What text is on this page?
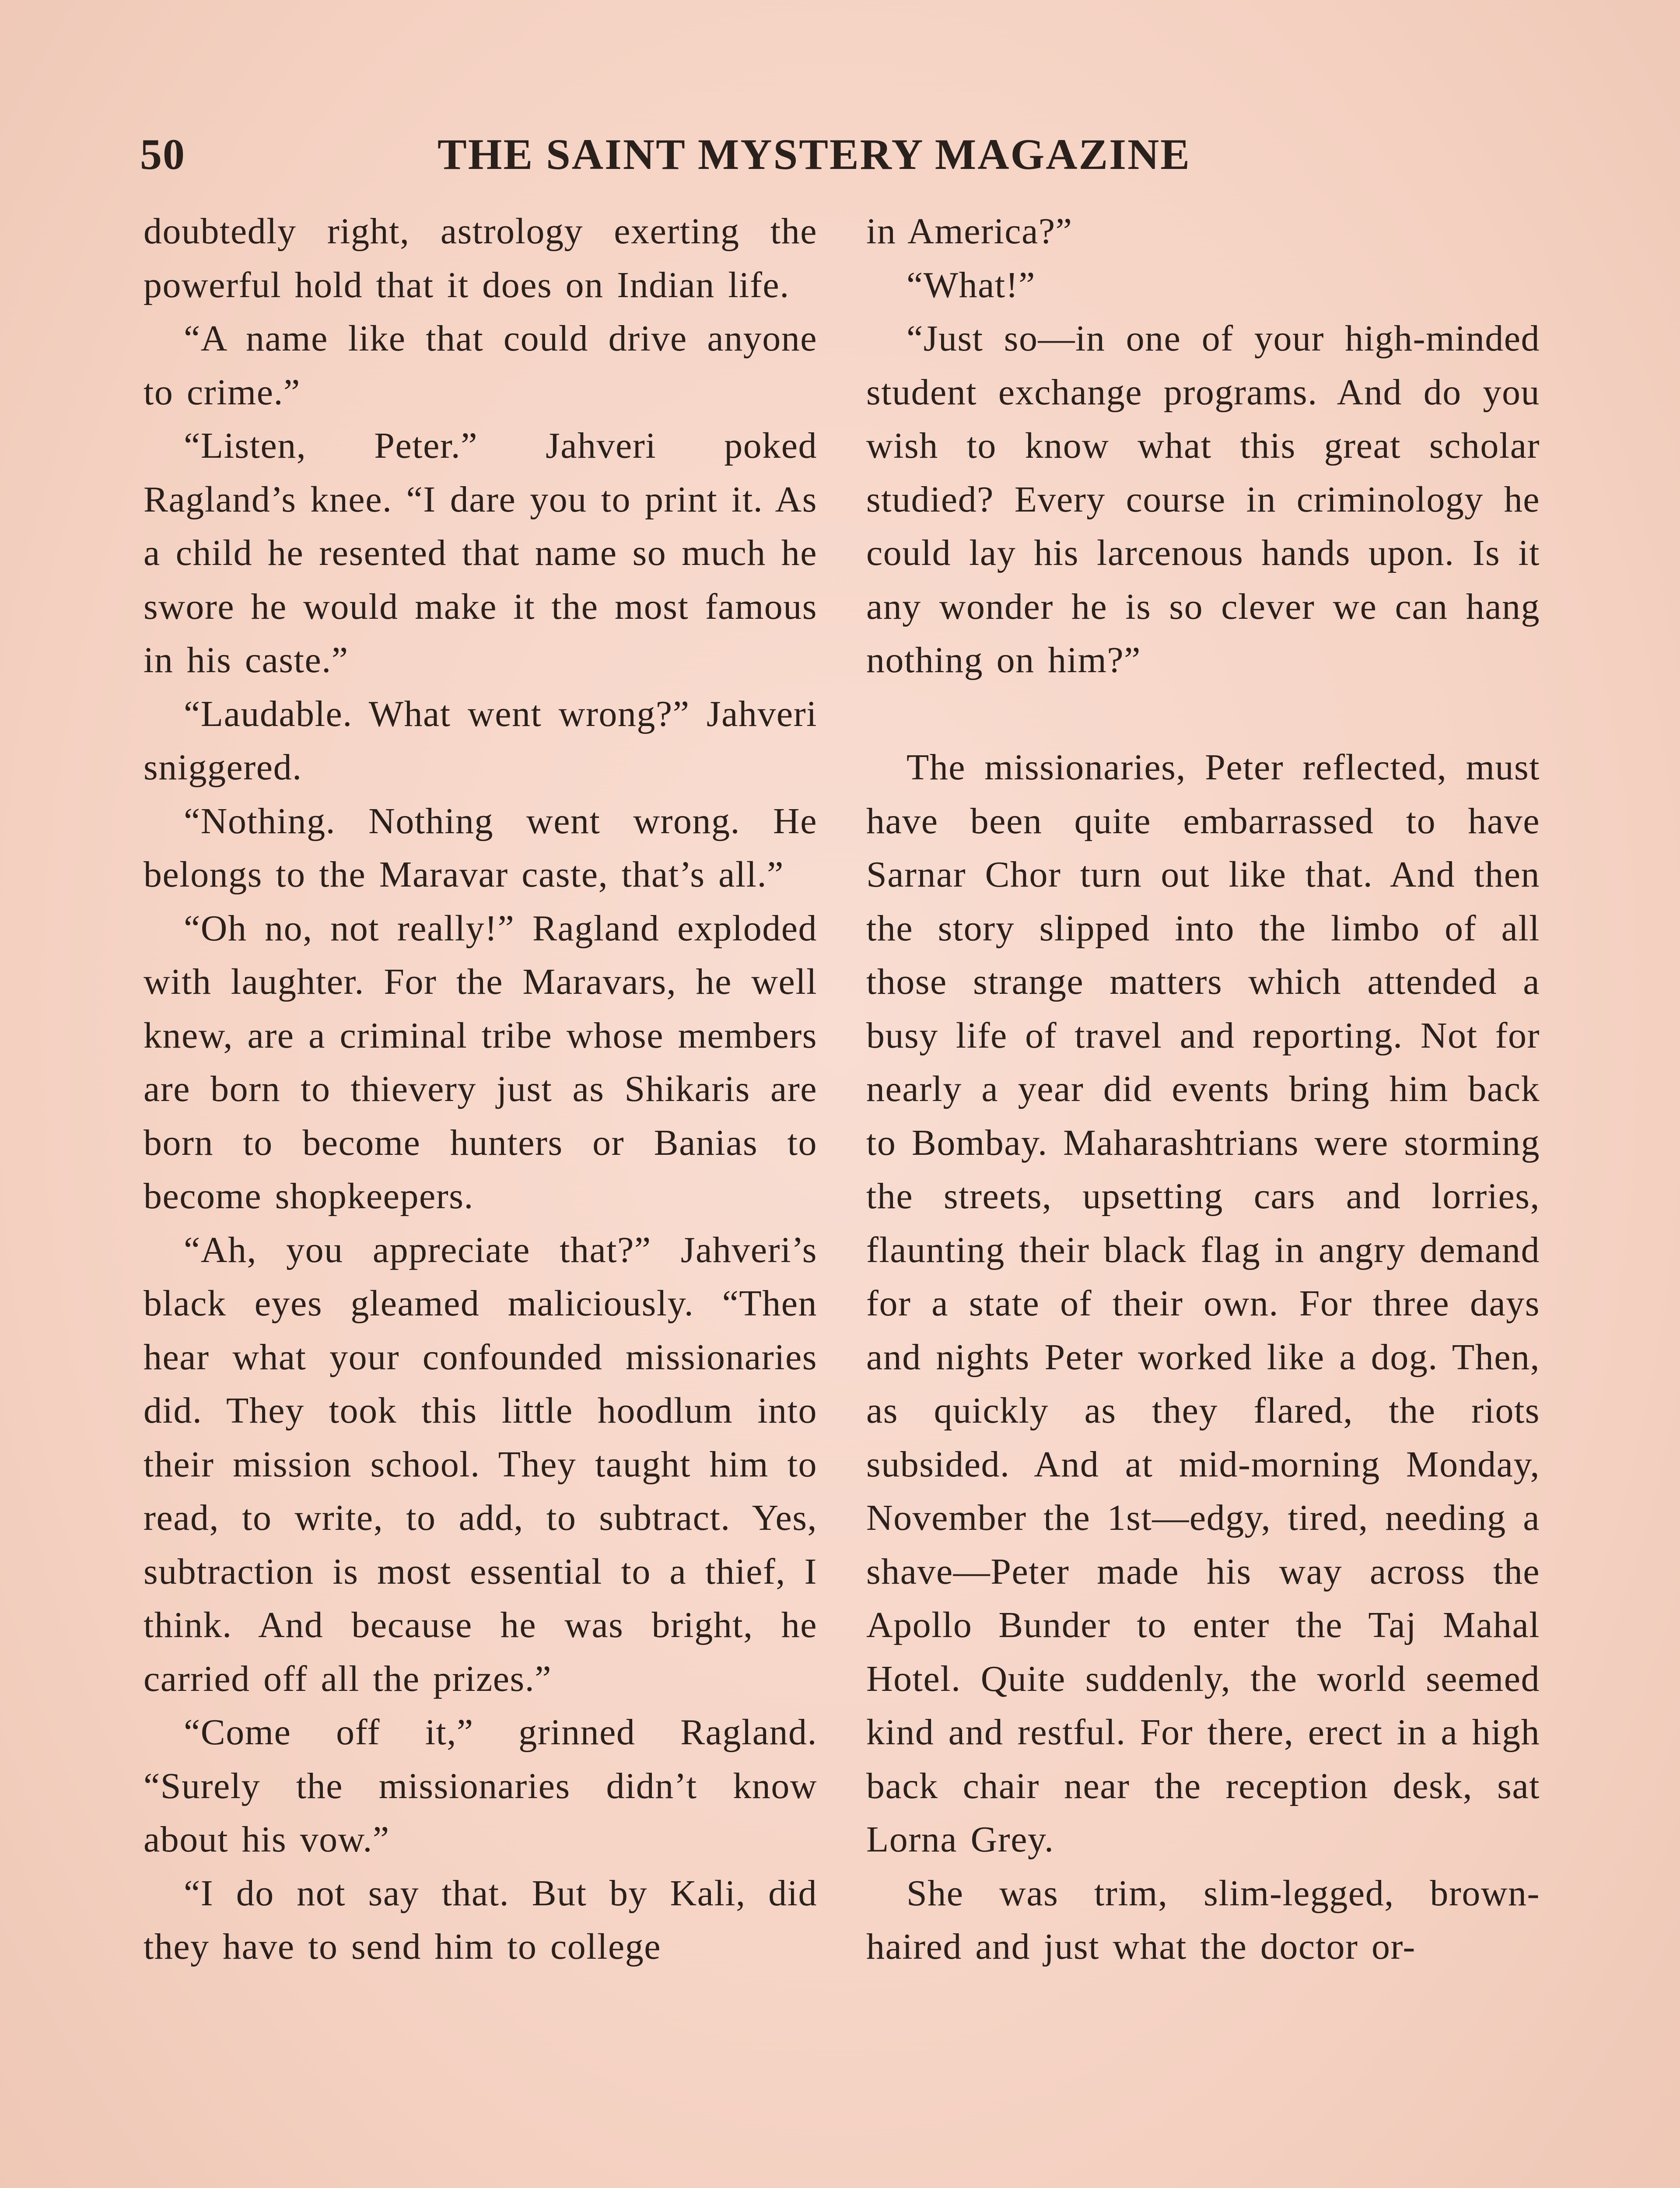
50	THE SAINT MYSTERY MAGAZINE

doubtedly right, astrology exerting the powerful hold that it does on Indian life.

“A name like that could drive anyone to crime.”

“Listen, Peter.” Jahveri poked Ragland’s knee. “I dare you to print it. As a child he resented that name so much he swore he would make it the most famous in his caste.”

“Laudable. What went wrong?” Jahveri sniggered.

“Nothing. Nothing went wrong. He belongs to the Maravar caste, that’s all.”

“Oh no, not really!” Ragland exploded with laughter. For the Maravars, he well knew, are a criminal tribe whose members are born to thievery just as Shikaris are born to become hunters or Banias to become shopkeepers.

“Ah, you appreciate that?” Jahveri’s black eyes gleamed maliciously. “Then hear what your confounded missionaries did. They took this little hoodlum into their mission school. They taught him to read, to write, to add, to subtract. Yes, subtraction is most essential to a thief, I think. And because he was bright, he carried off all the prizes.”

“Come off it,” grinned Ragland. “Surely the missionaries didn’t know about his vow.”

“I do not say that. But by Kali, did they have to send him to college

in America?”

“What!”

“Just so—in one of your high-minded student exchange programs. And do you wish to know what this great scholar studied? Every course in criminology he could lay his larcenous hands upon. Is it any wonder he is so clever we can hang nothing on him?”

The missionaries, Peter reflected, must have been quite embarrassed to have Sarnar Chor turn out like that. And then the story slipped into the limbo of all those strange matters which attended a busy life of travel and reporting. Not for nearly a year did events bring him back to Bombay. Maharashtrians were storming the streets, upsetting cars and lorries, flaunting their black flag in angry demand for a state of their own. For three days and nights Peter worked like a dog. Then, as quickly as they flared, the riots subsided. And at mid-morning Monday, November the 1st—edgy, tired, needing a shave—Peter made his way across the Apollo Bunder to enter the Taj Mahal Hotel. Quite suddenly, the world seemed kind and restful. For there, erect in a high back chair near the reception desk, sat Lorna Grey.

She was trim, slim-legged, brown-haired and just what the doctor or-
